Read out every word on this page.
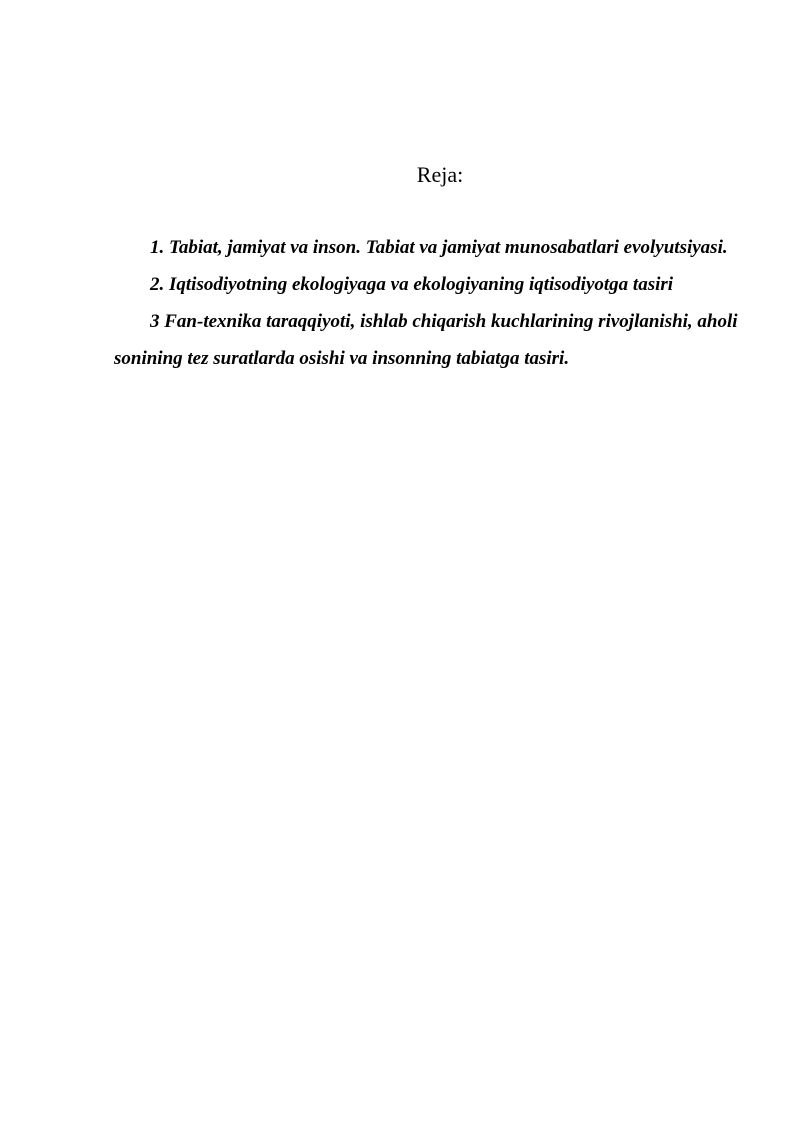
Reja:

1. Tabiat, jamiyat va inson. Tabiat va jamiyat munosabatlari evolyutsiyasi.

2. Iqtisodiyotning ekologiyaga va ekologiyaning iqtisodiyotga tasiri

3 Fan-texnika taraqqiyoti, ishlab chiqarish kuchlarining rivojlanishi, aholi sonining tez suratlarda osishi va insonning tabiatga tasiri.
